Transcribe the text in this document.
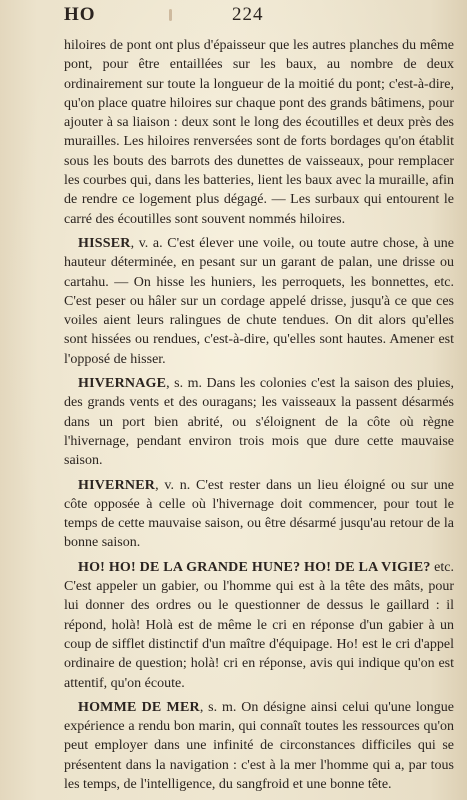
HO	224

hiloires de pont ont plus d'épaisseur que les autres planches du même pont, pour être entaillées sur les baux, au nombre de deux ordinairement sur toute la longueur de la moitié du pont; c'est-à-dire, qu'on place quatre hiloires sur chaque pont des grands bâtimens, pour ajouter à sa liaison : deux sont le long des écoutilles et deux près des murailles. Les hiloires renversées sont de forts bordages qu'on établit sous les bouts des barrots des dunettes de vaisseaux, pour remplacer les courbes qui, dans les batteries, lient les baux avec la muraille, afin de rendre ce logement plus dégagé. — Les surbaux qui entourent le carré des écoutilles sont souvent nommés hiloires.

HISSER, v. a. C'est élever une voile, ou toute autre chose, à une hauteur déterminée, en pesant sur un garant de palan, une drisse ou cartahu. — On hisse les huniers, les perroquets, les bonnettes, etc. C'est peser ou hâler sur un cordage appelé drisse, jusqu'à ce que ces voiles aient leurs ralingues de chute tendues. On dit alors qu'elles sont hissées ou rendues, c'est-à-dire, qu'elles sont hautes. Amener est l'opposé de hisser.

HIVERNAGE, s. m. Dans les colonies c'est la saison des pluies, des grands vents et des ouragans; les vaisseaux la passent désarmés dans un port bien abrité, ou s'éloignent de la côte où règne l'hivernage, pendant environ trois mois que dure cette mauvaise saison.

HIVERNER, v. n. C'est rester dans un lieu éloigné ou sur une côte opposée à celle où l'hivernage doit commencer, pour tout le temps de cette mauvaise saison, ou être désarmé jusqu'au retour de la bonne saison.

HO! HO! DE LA GRANDE HUNE? HO! DE LA VIGIE? etc. C'est appeler un gabier, ou l'homme qui est à la tête des mâts, pour lui donner des ordres ou le questionner de dessus le gaillard : il répond, holà! Holà est de même le cri en réponse d'un gabier à un coup de sifflet distinctif d'un maître d'équipage. Ho! est le cri d'appel ordinaire de question; holà! cri en réponse, avis qui indique qu'on est attentif, qu'on écoute.

HOMME DE MER, s. m. On désigne ainsi celui qu'une longue expérience a rendu bon marin, qui connaît toutes les ressources qu'on peut employer dans une infinité de circonstances difficiles qui se présentent dans la navigation : c'est à la mer l'homme qui a, par tous les temps, de l'intelligence, du sangfroid et une bonne tête.
